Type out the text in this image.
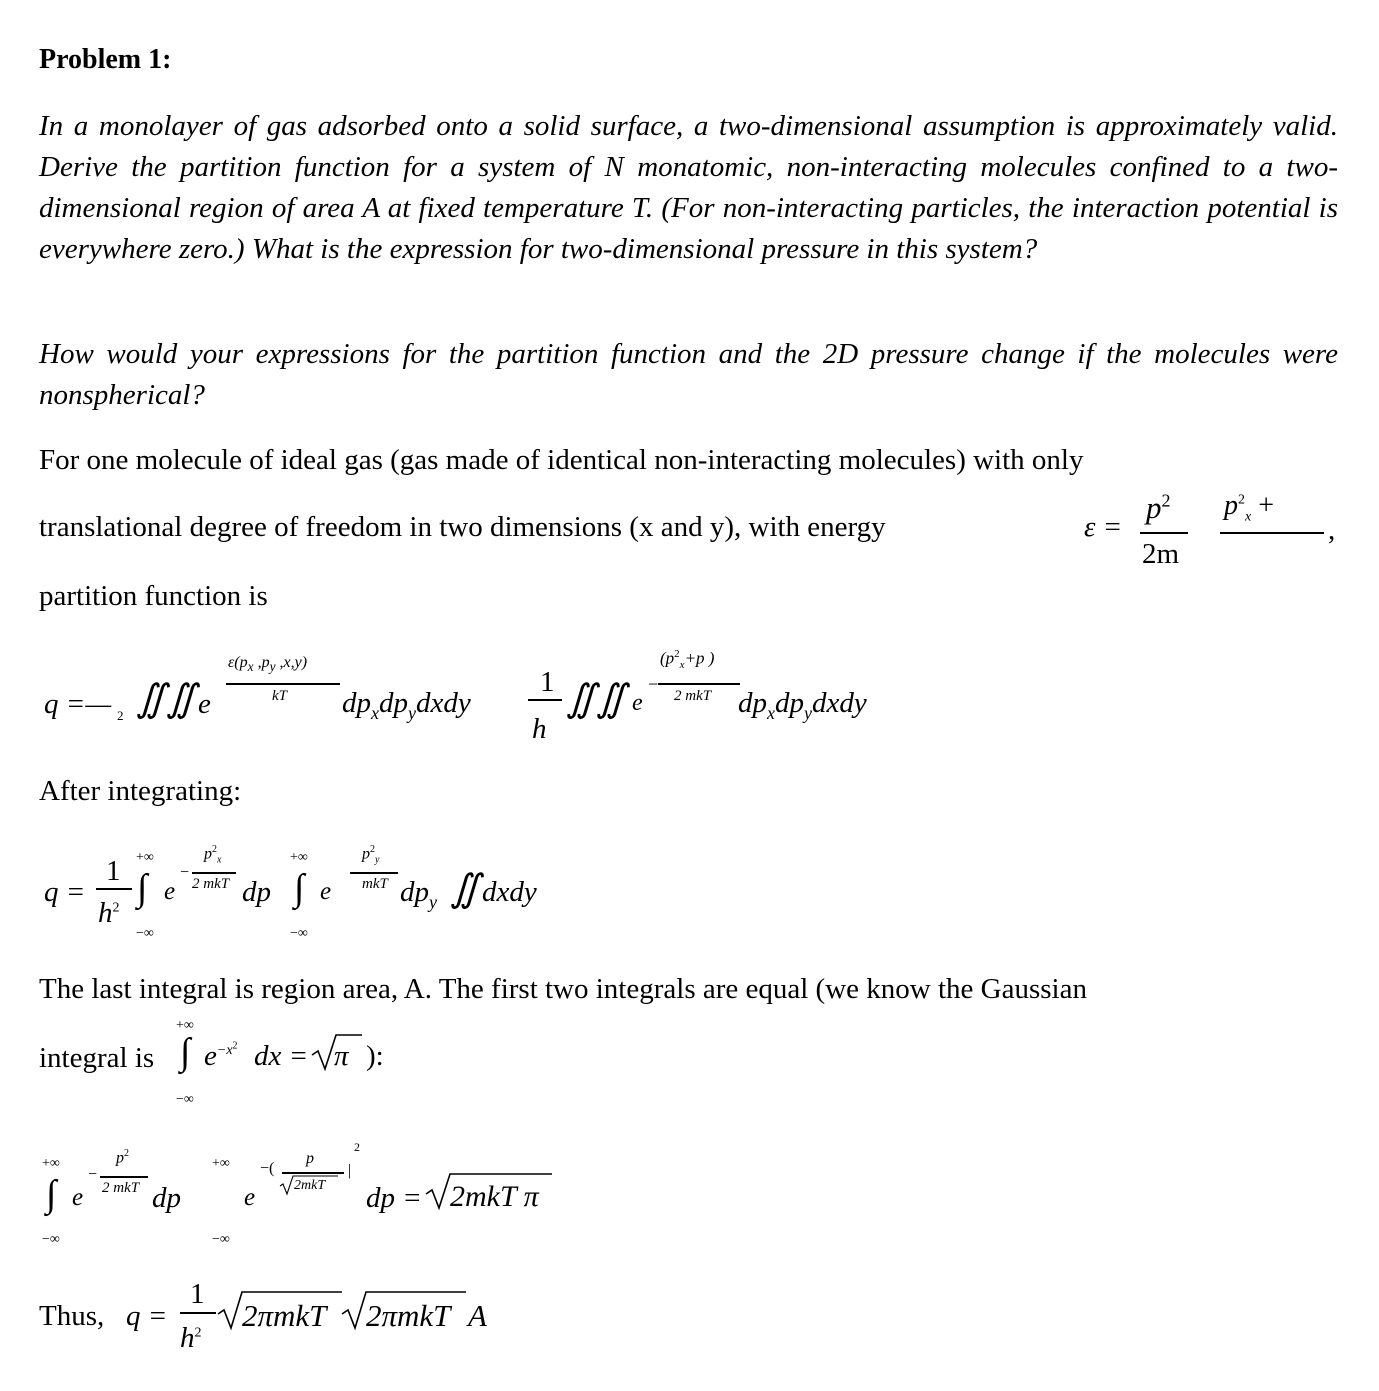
Problem 1:
In a monolayer of gas adsorbed onto a solid surface, a two-dimensional assumption is approximately valid. Derive the partition function for a system of N monatomic, non-interacting molecules confined to a two-dimensional region of area A at fixed temperature T. (For non-interacting particles, the interaction potential is everywhere zero.) What is the expression for two-dimensional pressure in this system?
How would your expressions for the partition function and the 2D pressure change if the molecules were nonspherical?
For one molecule of ideal gas (gas made of identical non-interacting molecules) with only
translational degree of freedom in two dimensions (x and y), with energy	ε =
$p^2$
2m
$p^2_x$ +
,
partition function is
q =— 2 ∬∬ e
$\varepsilon(p_x$ $,p_y$ ,x,y)
kT $dp_xdp_ydxdy$
1
h
∬∬ e
($p^2_x+p$ )
−
2 mkT $dp_xdp_ydxdy$
After integrating:
q =
1
$h^2$
+∞
∫
−∞
e
$p^2_x$
−
2 mkT dp
+∞
∫
−∞
e
$p^2_y$
mkT $dp_y$ ∬ dxdy
The last integral is region area, A. The first two integrals are equal (we know the Gaussian
integral is
+∞
∫
−∞
$e^{-x^2}$ dx = π ):
+∞
∫
−∞
e
$p^2$
−
2 mkT dp
+∞
−∞
e
−(
p
2mkT
|
2
dp = 2mkT π
Thus, q =
1
$h^2$ 2πmkT 2πmkT A
